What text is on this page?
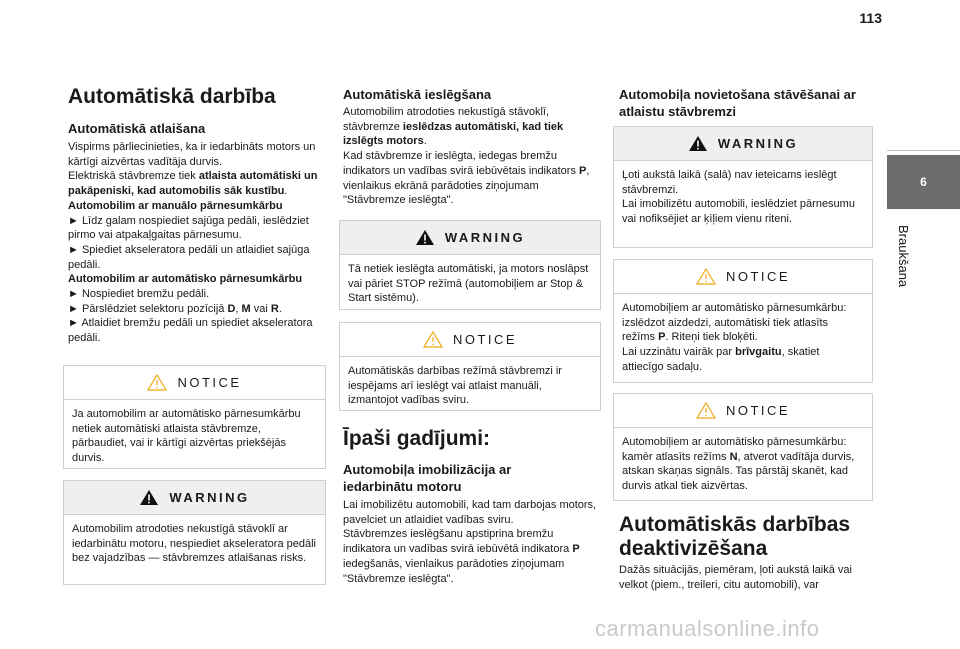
113
Automātiskā darbība
Automātiskā atlaišana

Vispirms pārliecinieties, ka ir iedarbināts motors un kārtīgi aizvērtas vadītāja durvis.

Elektriskā stāvbremze tiek atlaista automātiski un pakāpeniski, kad automobilis sāk kustību.

Automobilim ar manuālo pārnesumkārbu

► Līdz galam nospiediet sajūga pedāli, ieslēdziet pirmo vai atpakaļgaitas pārnesumu.

► Spiediet akseleratora pedāli un atlaidiet sajūga pedāli.

Automobilim ar automātisko pārnesumkārbu

► Nospiediet bremžu pedāli.

► Pārslēdziet selektoru pozīcijā D, M vai R.

► Atlaidiet bremžu pedāli un spiediet akseleratora pedāli.

NOTICE

Ja automobilim ar automātisko pārnesumkārbu netiek automātiski atlaista stāvbremze, pārbaudiet, vai ir kārtīgi aizvērtas priekšējās durvis.

WARNING

Automobilim atrodoties nekustīgā stāvoklī ar iedarbinātu motoru, nespiediet akseleratora pedāli bez vajadzības — stāvbremzes atlaišanas risks.

Automātiskā ieslēgšana

Automobilim atrodoties nekustīgā stāvoklī, stāvbremze ieslēdzas automātiski, kad tiek izslēgts motors.

Kad stāvbremze ir ieslēgta, iedegas bremžu indikators un vadības svirā iebūvētais indikators P, vienlaikus ekrānā parādoties ziņojumam "Stāvbremze ieslēgta".

WARNING

Tā netiek ieslēgta automātiski, ja motors noslāpst vai pāriet STOP režīmā (automobiļiem ar Stop & Start sistēmu).

NOTICE

Automātiskās darbības režīmā stāvbremzi ir iespējams arī ieslēgt vai atlaist manuāli, izmantojot vadības sviru.

Īpaši gadījumi:
Automobiļa imobilizācija ar iedarbinātu motoru

Lai imobilizētu automobili, kad tam darbojas motors, pavelciet un atlaidiet vadības sviru.

Stāvbremzes ieslēgšanu apstiprina bremžu indikatora un vadības svirā iebūvētā indikatora P iedegšanās, vienlaikus parādoties ziņojumam "Stāvbremze ieslēgta".

Automobiļa novietošana stāvēšanai ar atlaistu stāvbremzi
WARNING

Ļoti aukstā laikā (salā) nav ieteicams ieslēgt stāvbremzi.

Lai imobilizētu automobili, ieslēdziet pārnesumu vai nofiksējiet ar ķīļiem vienu riteni.

NOTICE

Automobiļiem ar automātisko pārnesumkārbu: izslēdzot aizdedzi, automātiski tiek atlasīts režīms P. Riteņi tiek bloķēti.

Lai uzzinātu vairāk par brīvgaitu, skatiet attiecīgo sadaļu.

NOTICE

Automobiļiem ar automātisko pārnesumkārbu: kamēr atlasīts režīms N, atverot vadītāja durvis, atskan skaņas signāls. Tas pārstāj skanēt, kad durvis atkal tiek aizvērtas.

Automātiskās darbības deaktivizēšana

Dažās situācijās, piemēram, ļoti aukstā laikā vai velkot (piem., treileri, citu automobili), var

6
Braukšana
carmanualsonline.info
